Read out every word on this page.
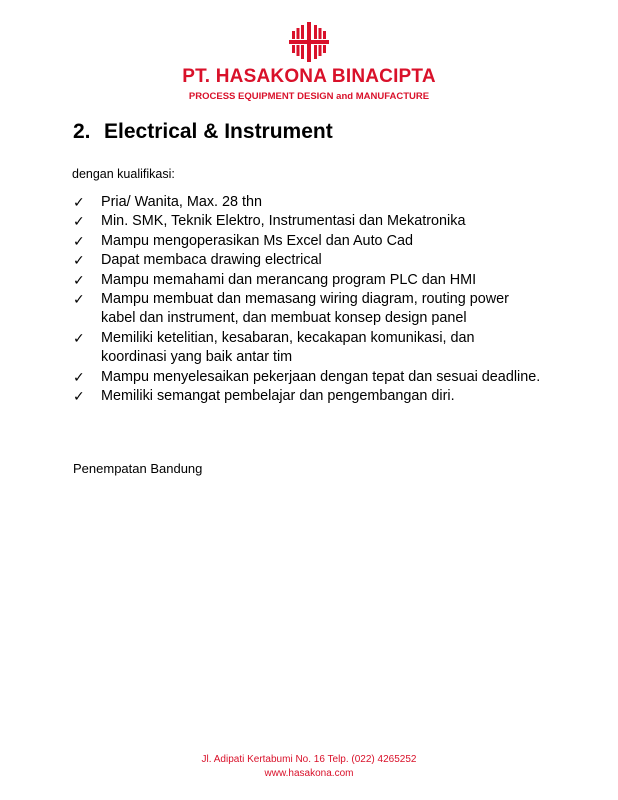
PT. HASAKONA BINACIPTA
PROCESS EQUIPMENT DESIGN and MANUFACTURE
2. Electrical & Instrument
dengan kualifikasi:
✓ Pria/ Wanita, Max. 28 thn
✓ Min. SMK, Teknik Elektro, Instrumentasi dan Mekatronika
✓ Mampu mengoperasikan Ms Excel dan Auto Cad
✓ Dapat membaca drawing electrical
✓ Mampu memahami dan merancang program PLC dan HMI
✓ Mampu membuat dan memasang wiring diagram, routing power kabel dan instrument, dan membuat konsep design panel
✓ Memiliki ketelitian, kesabaran, kecakapan komunikasi, dan koordinasi yang baik antar tim
✓ Mampu menyelesaikan pekerjaan dengan tepat dan sesuai deadline.
✓ Memiliki semangat pembelajar dan pengembangan diri.
Penempatan Bandung
Jl. Adipati Kertabumi No. 16 Telp. (022) 4265252
www.hasakona.com
